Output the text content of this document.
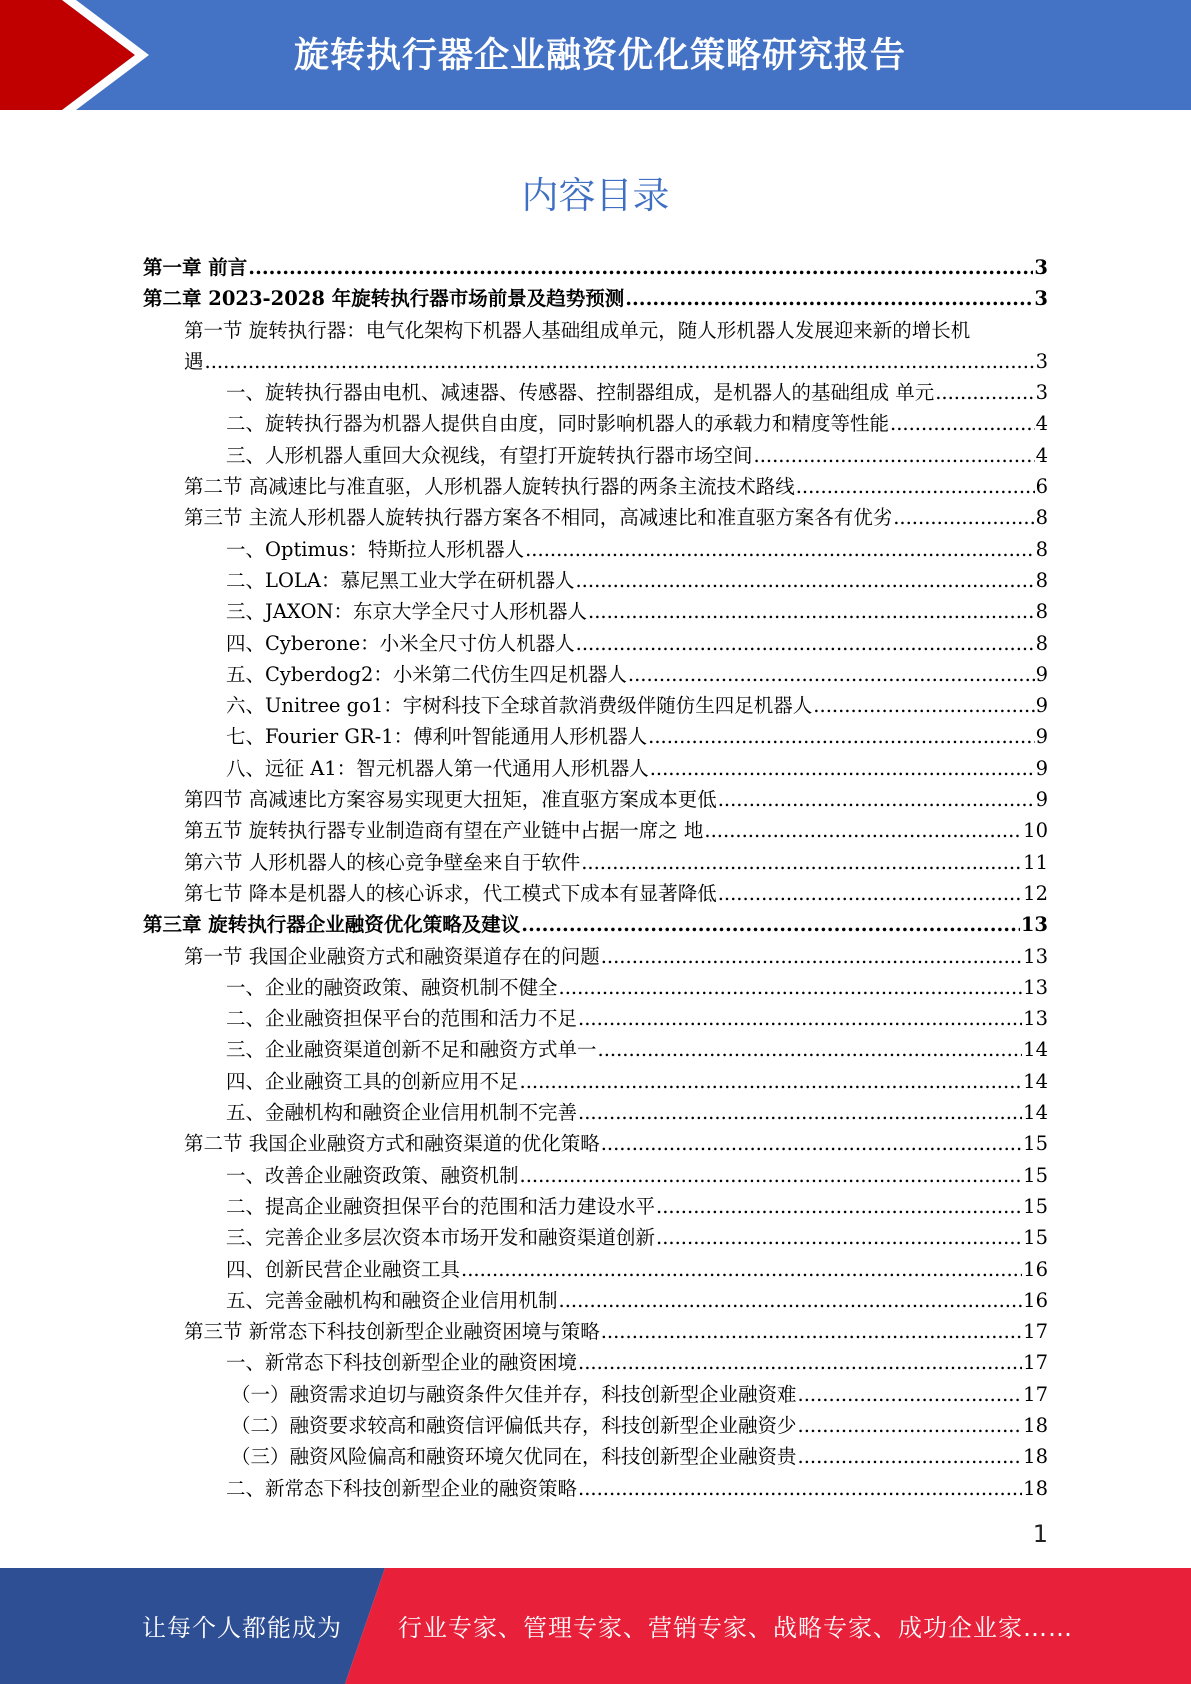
旋转执行器企业融资优化策略研究报告
内容目录
第一章 前言 .....	3
第二章 2023-2028 年旋转执行器市场前景及趋势预测 .....	3
第一节 旋转执行器：电气化架构下机器人基础组成单元，随人形机器人发展迎来新的增长机
遇 .....	3
一、旋转执行器由电机、减速器、传感器、控制器组成，是机器人的基础组成 单元 .....	3
二、旋转执行器为机器人提供自由度，同时影响机器人的承载力和精度等性能 .....	4
三、人形机器人重回大众视线，有望打开旋转执行器市场空间 .....	4
第二节 高减速比与准直驱，人形机器人旋转执行器的两条主流技术路线 .....	6
第三节 主流人形机器人旋转执行器方案各不相同，高减速比和准直驱方案各有优劣 .....	8
一、Optimus：特斯拉人形机器人 .....	8
二、LOLA：慕尼黑工业大学在研机器人 .....	8
三、JAXON：东京大学全尺寸人形机器人 .....	8
四、Cyberone：小米全尺寸仿人机器人 .....	8
五、Cyberdog2：小米第二代仿生四足机器人 .....	9
六、Unitree go1：宇树科技下全球首款消费级伴随仿生四足机器人 .....	9
七、Fourier GR-1：傅利叶智能通用人形机器人 .....	9
八、远征 A1：智元机器人第一代通用人形机器人 .....	9
第四节 高减速比方案容易实现更大扭矩，准直驱方案成本更低 .....	9
第五节 旋转执行器专业制造商有望在产业链中占据一席之 地 .....	10
第六节 人形机器人的核心竞争壁垒来自于软件 .....	11
第七节 降本是机器人的核心诉求，代工模式下成本有显著降低 .....	12
第三章 旋转执行器企业融资优化策略及建议 .....	13
第一节 我国企业融资方式和融资渠道存在的问题 .....	13
一、企业的融资政策、融资机制不健全 .....	13
二、企业融资担保平台的范围和活力不足 .....	13
三、企业融资渠道创新不足和融资方式单一 .....	14
四、企业融资工具的创新应用不足 .....	14
五、金融机构和融资企业信用机制不完善 .....	14
第二节 我国企业融资方式和融资渠道的优化策略 .....	15
一、改善企业融资政策、融资机制 .....	15
二、提高企业融资担保平台的范围和活力建设水平 .....	15
三、完善企业多层次资本市场开发和融资渠道创新 .....	15
四、创新民营企业融资工具 .....	16
五、完善金融机构和融资企业信用机制 .....	16
第三节 新常态下科技创新型企业融资困境与策略 .....	17
一、新常态下科技创新型企业的融资困境 .....	17
（一）融资需求迫切与融资条件欠佳并存，科技创新型企业融资难 .....	17
（二）融资要求较高和融资信评偏低共存，科技创新型企业融资少 .....	18
（三）融资风险偏高和融资环境欠优同在，科技创新型企业融资贵 .....	18
二、新常态下科技创新型企业的融资策略 .....	18
1
让每个人都能成为 行业专家、管理专家、营销专家、战略专家、成功企业家……
